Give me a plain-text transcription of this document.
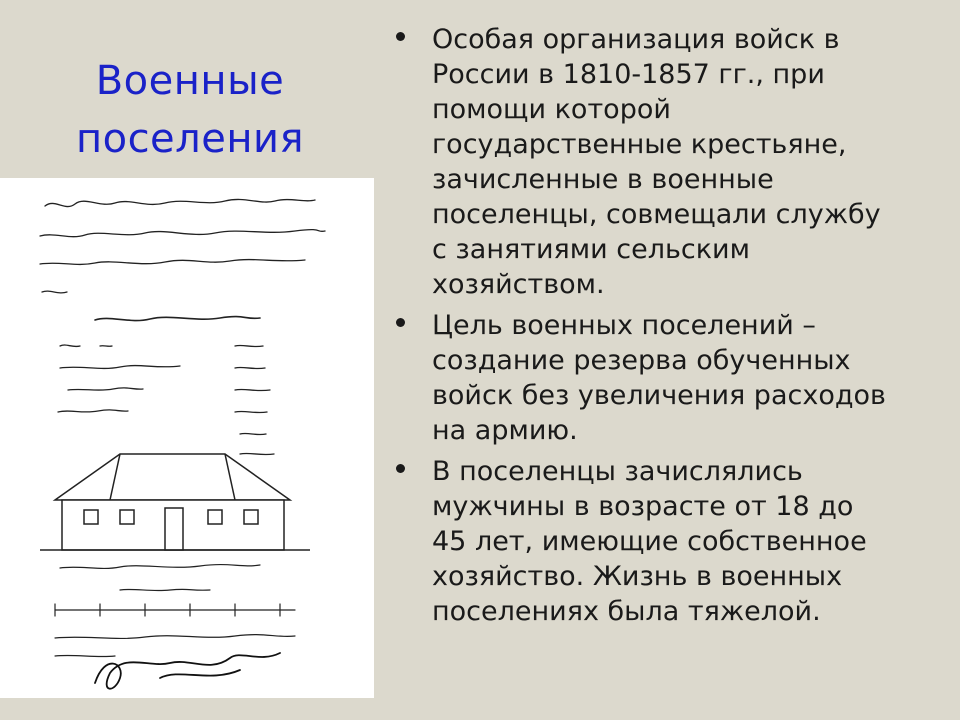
Военные
поселения
Особая организация войск в
России в 1810-1857 гг., при
помощи которой
государственные крестьяне,
зачисленные в военные
поселенцы, совмещали службу
с занятиями сельским
хозяйством.
Цель военных поселений –
создание резерва обученных
войск без увеличения расходов
на армию.
В поселенцы зачислялись
мужчины в возрасте от 18 до
45 лет, имеющие собственное
хозяйство. Жизнь в военных
поселениях была тяжелой.
